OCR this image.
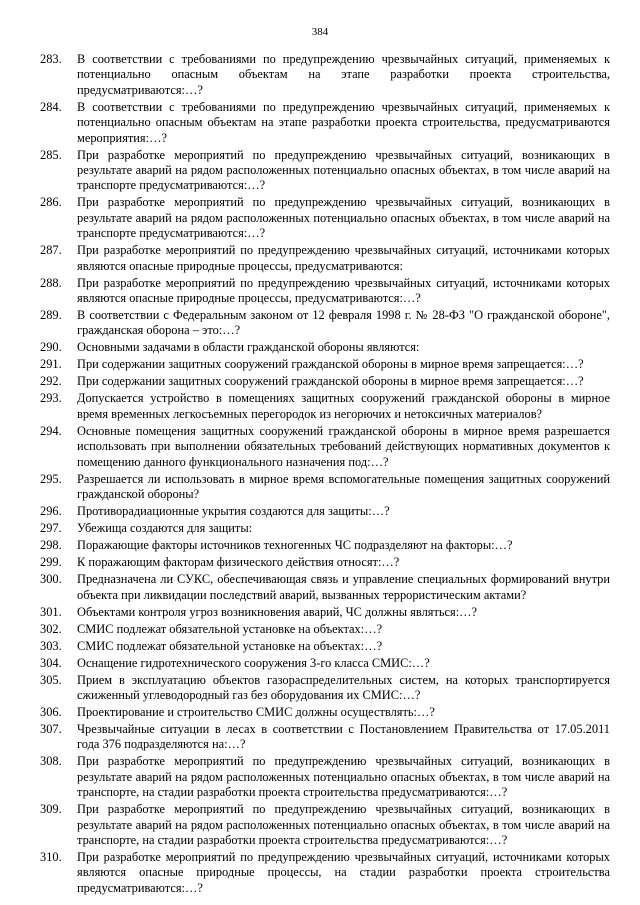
384
283.	В соответствии с требованиями по предупреждению чрезвычайных ситуаций, применяемых к потенциально опасным объектам на этапе разработки проекта строительства, предусматриваются:…?
284.	В соответствии с требованиями по предупреждению чрезвычайных ситуаций, применяемых к потенциально опасным объектам на этапе разработки проекта строительства, предусматриваются мероприятия:…?
285.	При разработке мероприятий по предупреждению чрезвычайных ситуаций, возникающих в результате аварий на рядом расположенных потенциально опасных объектах, в том числе аварий на транспорте предусматриваются:…?
286.	При разработке мероприятий по предупреждению чрезвычайных ситуаций, возникающих в результате аварий на рядом расположенных потенциально опасных объектах, в том числе аварий на транспорте предусматриваются:…?
287.	При разработке мероприятий по предупреждению чрезвычайных ситуаций, источниками которых являются опасные природные процессы, предусматриваются:
288.	При разработке мероприятий по предупреждению чрезвычайных ситуаций, источниками которых являются опасные природные процессы, предусматриваются:…?
289.	В соответствии с Федеральным законом от 12 февраля 1998 г. № 28-ФЗ "О гражданской обороне", гражданская оборона – это:…?
290.	Основными задачами в области гражданской обороны являются:
291.	При содержании защитных сооружений гражданской обороны в мирное время запрещается:…?
292.	При содержании защитных сооружений гражданской обороны в мирное время запрещается:…?
293.	Допускается устройство в помещениях защитных сооружений гражданской обороны в мирное время временных легкосъемных перегородок из негорючих и нетоксичных материалов?
294.	Основные помещения защитных сооружений гражданской обороны в мирное время разрешается использовать при выполнении обязательных требований действующих нормативных документов к помещению данного функционального назначения под:…?
295.	Разрешается ли использовать в мирное время вспомогательные помещения защитных сооружений гражданской обороны?
296.	Противорадиационные укрытия создаются для защиты:…?
297.	Убежища создаются для защиты:
298.	Поражающие факторы источников техногенных ЧС подразделяют на факторы:…?
299.	К поражающим факторам физического действия относят:…?
300.	Предназначена ли СУКС, обеспечивающая связь и управление специальных формирований внутри объекта при ликвидации последствий аварий, вызванных террористическим актами?
301.	Объектами контроля угроз возникновения аварий, ЧС должны являться:…?
302.	СМИС подлежат обязательной установке на объектах:…?
303.	СМИС подлежат обязательной установке на объектах:…?
304.	Оснащение гидротехнического сооружения 3-го класса СМИС:…?
305.	Прием в эксплуатацию объектов газораспределительных систем, на которых транспортируется сжиженный углеводородный газ без оборудования их СМИС:…?
306.	Проектирование и строительство СМИС должны осуществлять:…?
307.	Чрезвычайные ситуации в лесах в соответствии с Постановлением Правительства от 17.05.2011 года 376 подразделяются на:…?
308.	При разработке мероприятий по предупреждению чрезвычайных ситуаций, возникающих в результате аварий на рядом расположенных потенциально опасных объектах, в том числе аварий на транспорте, на стадии разработки проекта строительства предусматриваются:…?
309.	При разработке мероприятий по предупреждению чрезвычайных ситуаций, возникающих в результате аварий на рядом расположенных потенциально опасных объектах, в том числе аварий на транспорте, на стадии разработки проекта строительства предусматриваются:…?
310.	При разработке мероприятий по предупреждению чрезвычайных ситуаций, источниками которых являются опасные природные процессы, на стадии разработки проекта строительства предусматриваются:…?
